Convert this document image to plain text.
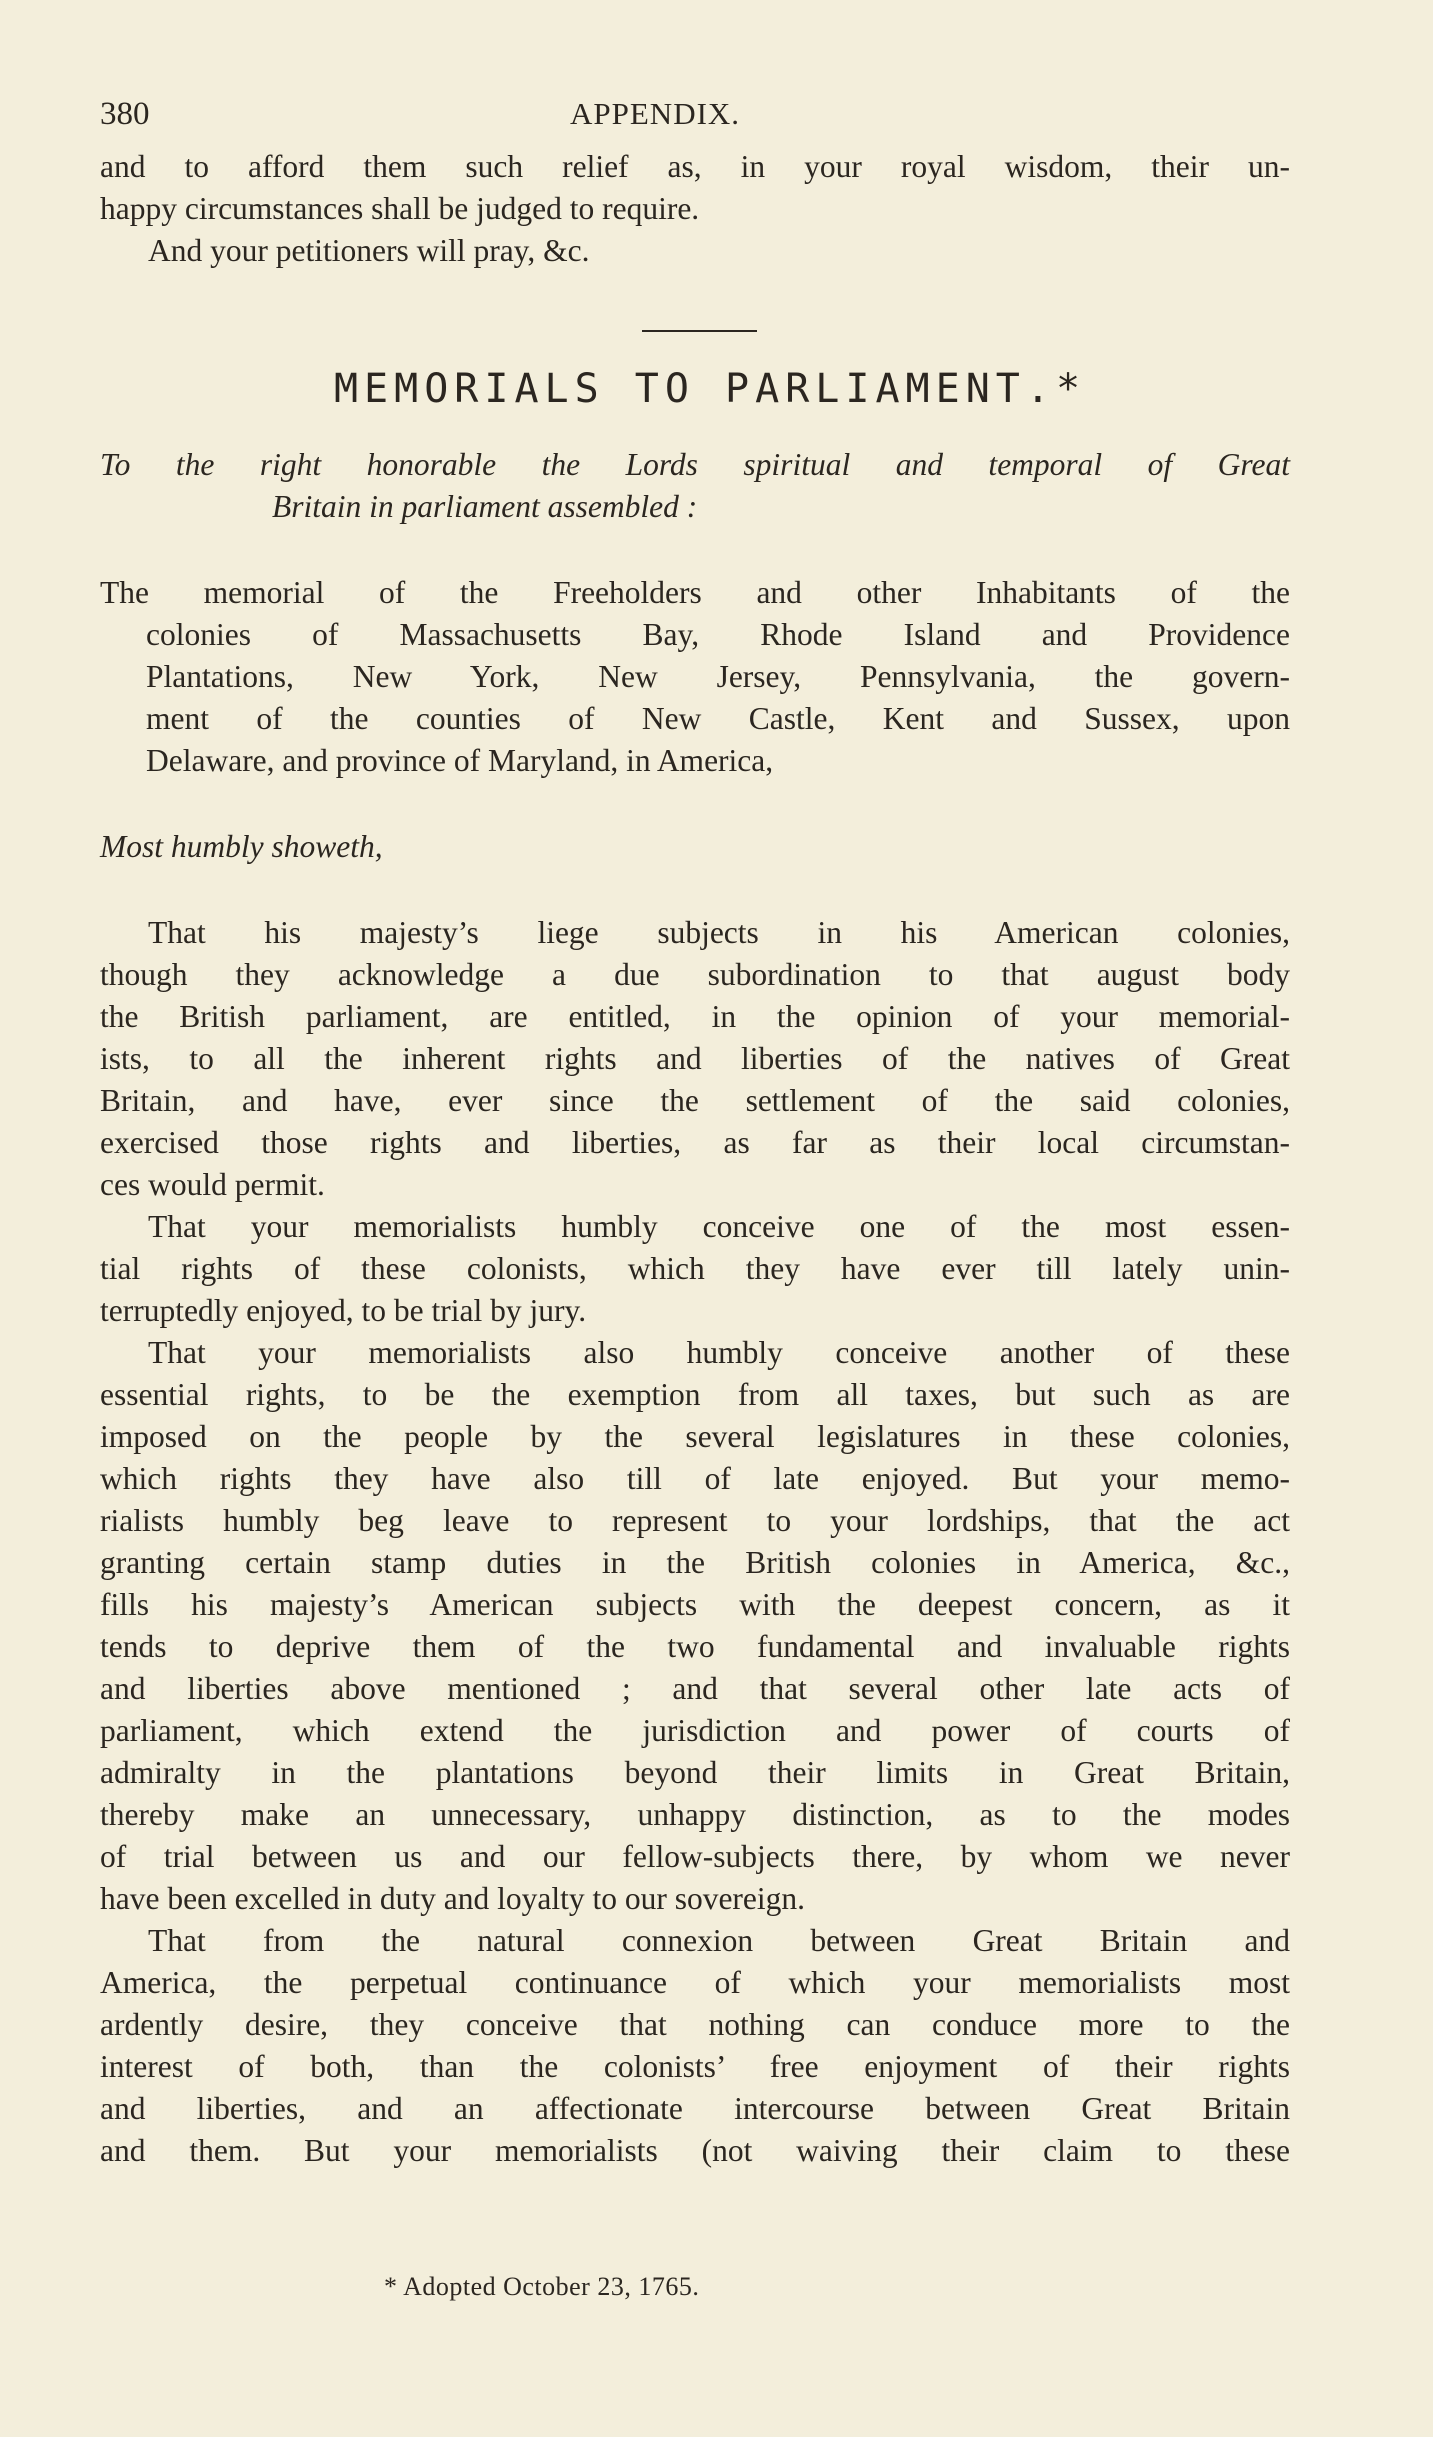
380	APPENDIX.

and to afford them such relief as, in your royal wisdom, their un-
happy circumstances shall be judged to require.
And your petitioners will pray, &c.

MEMORIALS TO PARLIAMENT.*

To the right honorable the Lords spiritual and temporal of Great
Britain in parliament assembled :

The memorial of the Freeholders and other Inhabitants of the
colonies of Massachusetts Bay, Rhode Island and Providence
Plantations, New York, New Jersey, Pennsylvania, the govern-
ment of the counties of New Castle, Kent and Sussex, upon
Delaware, and province of Maryland, in America,

Most humbly showeth,

That his majesty’s liege subjects in his American colonies,
though they acknowledge a due subordination to that august body
the British parliament, are entitled, in the opinion of your memorial-
ists, to all the inherent rights and liberties of the natives of Great
Britain, and have, ever since the settlement of the said colonies,
exercised those rights and liberties, as far as their local circumstan-
ces would permit.

That your memorialists humbly conceive one of the most essen-
tial rights of these colonists, which they have ever till lately unin-
terruptedly enjoyed, to be trial by jury.

That your memorialists also humbly conceive another of these
essential rights, to be the exemption from all taxes, but such as are
imposed on the people by the several legislatures in these colonies,
which rights they have also till of late enjoyed. But your memo-
rialists humbly beg leave to represent to your lordships, that the act
granting certain stamp duties in the British colonies in America, &c.,
fills his majesty’s American subjects with the deepest concern, as it
tends to deprive them of the two fundamental and invaluable rights
and liberties above mentioned ; and that several other late acts of
parliament, which extend the jurisdiction and power of courts of
admiralty in the plantations beyond their limits in Great Britain,
thereby make an unnecessary, unhappy distinction, as to the modes
of trial between us and our fellow-subjects there, by whom we never
have been excelled in duty and loyalty to our sovereign.

That from the natural connexion between Great Britain and
America, the perpetual continuance of which your memorialists most
ardently desire, they conceive that nothing can conduce more to the
interest of both, than the colonists’ free enjoyment of their rights
and liberties, and an affectionate intercourse between Great Britain
and them. But your memorialists (not waiving their claim to these

* Adopted October 23, 1765.
